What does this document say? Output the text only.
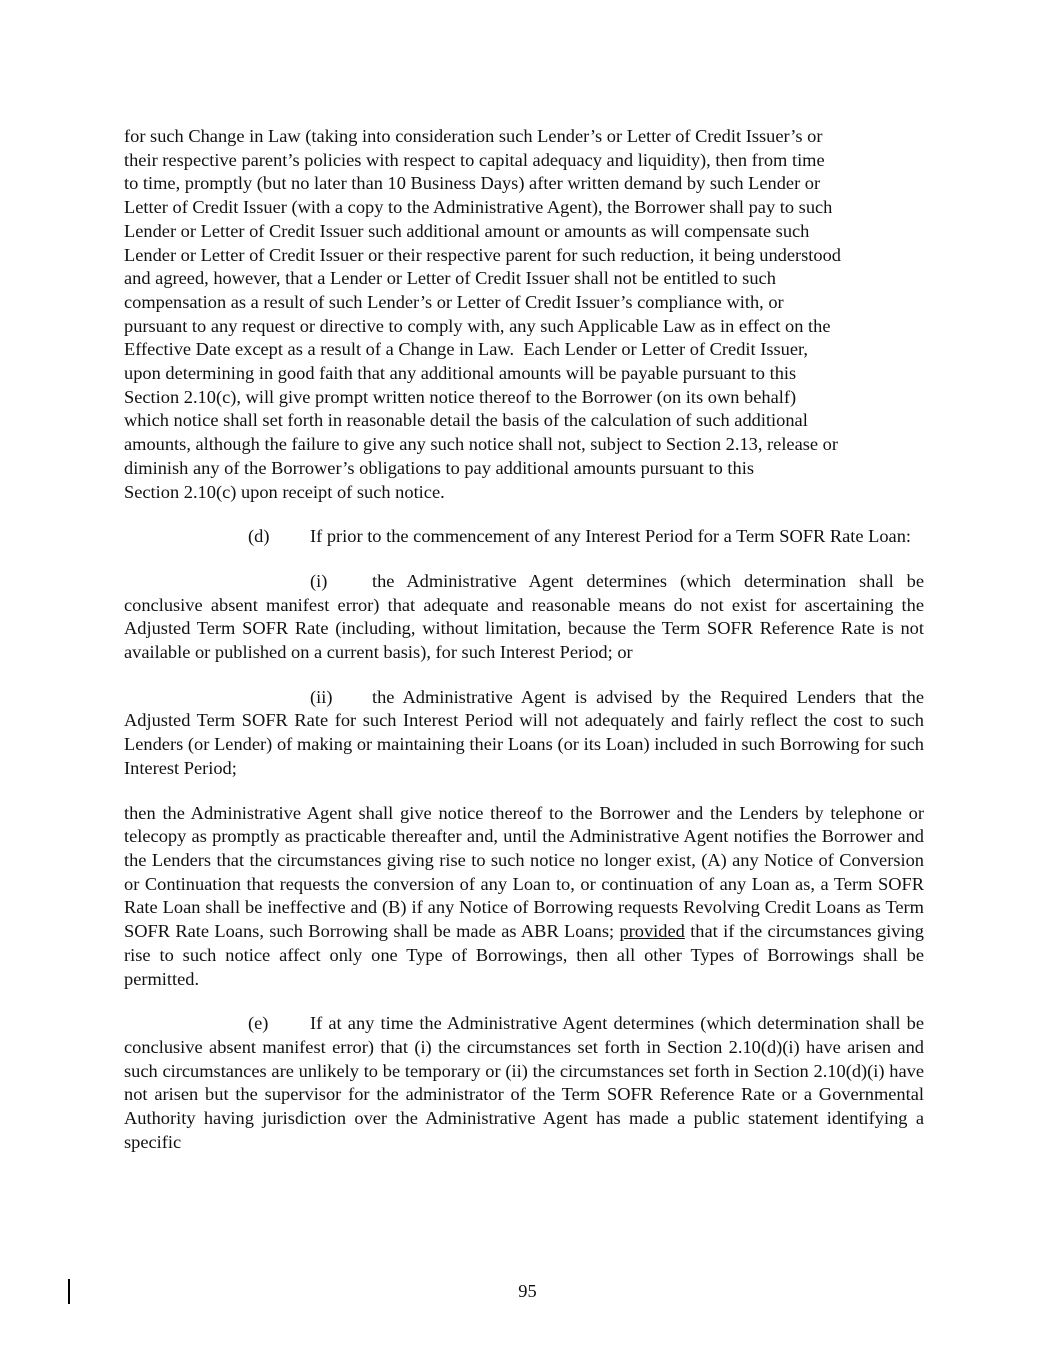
for such Change in Law (taking into consideration such Lender’s or Letter of Credit Issuer’s or
their respective parent’s policies with respect to capital adequacy and liquidity), then from time
to time, promptly (but no later than 10 Business Days) after written demand by such Lender or
Letter of Credit Issuer (with a copy to the Administrative Agent), the Borrower shall pay to such
Lender or Letter of Credit Issuer such additional amount or amounts as will compensate such
Lender or Letter of Credit Issuer or their respective parent for such reduction, it being understood
and agreed, however, that a Lender or Letter of Credit Issuer shall not be entitled to such
compensation as a result of such Lender’s or Letter of Credit Issuer’s compliance with, or
pursuant to any request or directive to comply with, any such Applicable Law as in effect on the
Effective Date except as a result of a Change in Law.  Each Lender or Letter of Credit Issuer,
upon determining in good faith that any additional amounts will be payable pursuant to this
Section 2.10(c), will give prompt written notice thereof to the Borrower (on its own behalf)
which notice shall set forth in reasonable detail the basis of the calculation of such additional
amounts, although the failure to give any such notice shall not, subject to Section 2.13, release or
diminish any of the Borrower’s obligations to pay additional amounts pursuant to this
Section 2.10(c) upon receipt of such notice.

(d) If prior to the commencement of any Interest Period for a Term SOFR Rate Loan:

(i) the Administrative Agent determines (which determination shall be conclusive absent manifest error) that adequate and reasonable means do not exist for ascertaining the Adjusted Term SOFR Rate (including, without limitation, because the Term SOFR Reference Rate is not available or published on a current basis), for such Interest Period; or

(ii) the Administrative Agent is advised by the Required Lenders that the Adjusted Term SOFR Rate for such Interest Period will not adequately and fairly reflect the cost to such Lenders (or Lender) of making or maintaining their Loans (or its Loan) included in such Borrowing for such Interest Period;

then the Administrative Agent shall give notice thereof to the Borrower and the Lenders by telephone or telecopy as promptly as practicable thereafter and, until the Administrative Agent notifies the Borrower and the Lenders that the circumstances giving rise to such notice no longer exist, (A) any Notice of Conversion or Continuation that requests the conversion of any Loan to, or continuation of any Loan as, a Term SOFR Rate Loan shall be ineffective and (B) if any Notice of Borrowing requests Revolving Credit Loans as Term SOFR Rate Loans, such Borrowing shall be made as ABR Loans; provided that if the circumstances giving rise to such notice affect only one Type of Borrowings, then all other Types of Borrowings shall be permitted.

(e) If at any time the Administrative Agent determines (which determination shall be conclusive absent manifest error) that (i) the circumstances set forth in Section 2.10(d)(i) have arisen and such circumstances are unlikely to be temporary or (ii) the circumstances set forth in Section 2.10(d)(i) have not arisen but the supervisor for the administrator of the Term SOFR Reference Rate or a Governmental Authority having jurisdiction over the Administrative Agent has made a public statement identifying a specific

95
